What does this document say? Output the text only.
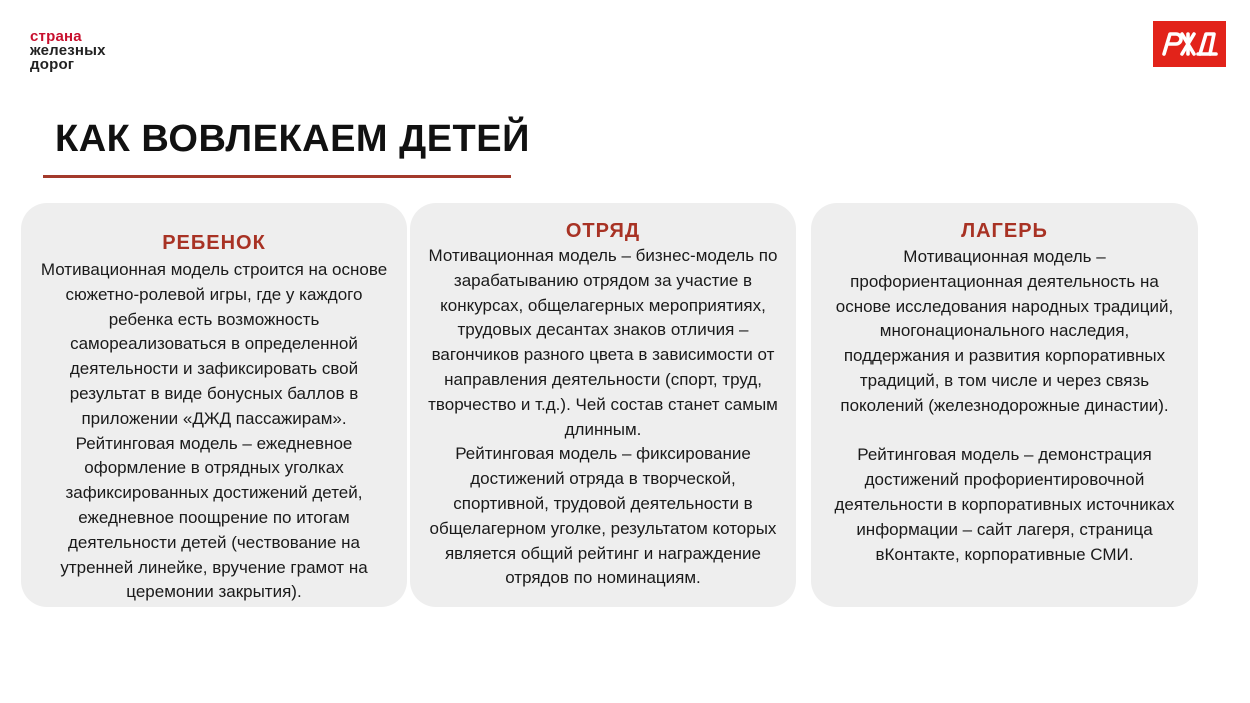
страна
железных
дорог
КАК ВОВЛЕКАЕМ ДЕТЕЙ
РЕБЕНОК
Мотивационная модель строится на основе сюжетно-ролевой игры, где у каждого ребенка есть возможность самореализоваться в определенной деятельности и зафиксировать свой результат в виде бонусных баллов в приложении «ДЖД пассажирам».
Рейтинговая модель – ежедневное оформление в отрядных уголках зафиксированных достижений детей, ежедневное поощрение по итогам деятельности детей (чествование на утренней линейке, вручение грамот на церемонии закрытия).
ОТРЯД
Мотивационная модель – бизнес-модель по зарабатыванию отрядом за участие в конкурсах, общелагерных мероприятиях, трудовых десантах знаков отличия – вагончиков разного цвета в зависимости от направления деятельности (спорт, труд, творчество и т.д.). Чей состав станет самым длинным.
Рейтинговая модель – фиксирование достижений отряда в творческой, спортивной, трудовой деятельности в общелагерном уголке, результатом которых является общий рейтинг и награждение отрядов по номинациям.
ЛАГЕРЬ
Мотивационная модель – профориентационная деятельность на основе исследования народных традиций, многонационального наследия, поддержания и развития корпоративных традиций, в том числе и через связь поколений (железнодорожные династии).

Рейтинговая модель – демонстрация достижений профориентировочной деятельности в корпоративных источниках информации – сайт лагеря, страница вКонтакте, корпоративные СМИ.
